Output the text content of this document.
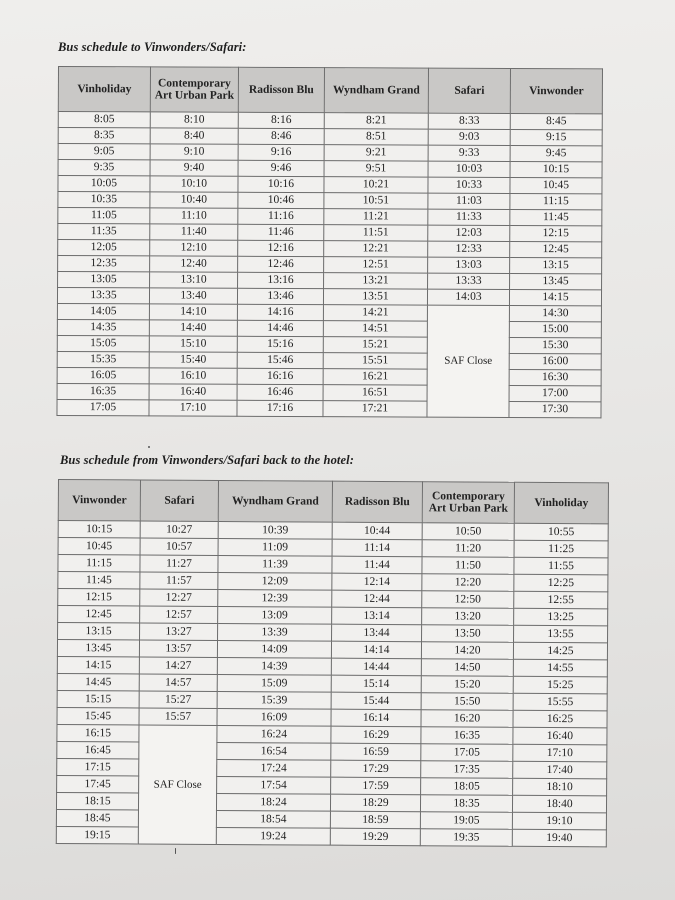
Bus schedule to Vinwonders/Safari:
Vinholiday	Contemporary Art Urban Park	Radisson Blu	Wyndham Grand	Safari	Vinwonder
8:05	8:10	8:16	8:21	8:33	8:45
8:35	8:40	8:46	8:51	9:03	9:15
9:05	9:10	9:16	9:21	9:33	9:45
9:35	9:40	9:46	9:51	10:03	10:15
10:05	10:10	10:16	10:21	10:33	10:45
10:35	10:40	10:46	10:51	11:03	11:15
11:05	11:10	11:16	11:21	11:33	11:45
11:35	11:40	11:46	11:51	12:03	12:15
12:05	12:10	12:16	12:21	12:33	12:45
12:35	12:40	12:46	12:51	13:03	13:15
13:05	13:10	13:16	13:21	13:33	13:45
13:35	13:40	13:46	13:51	14:03	14:15
14:05	14:10	14:16	14:21	SAF Close	14:30
14:35	14:40	14:46	14:51		15:00
15:05	15:10	15:16	15:21		15:30
15:35	15:40	15:46	15:51		16:00
16:05	16:10	16:16	16:21		16:30
16:35	16:40	16:46	16:51		17:00
17:05	17:10	17:16	17:21		17:30
Bus schedule from Vinwonders/Safari back to the hotel:
Vinwonder	Safari	Wyndham Grand	Radisson Blu	Contemporary Art Urban Park	Vinholiday
10:15	10:27	10:39	10:44	10:50	10:55
10:45	10:57	11:09	11:14	11:20	11:25
11:15	11:27	11:39	11:44	11:50	11:55
11:45	11:57	12:09	12:14	12:20	12:25
12:15	12:27	12:39	12:44	12:50	12:55
12:45	12:57	13:09	13:14	13:20	13:25
13:15	13:27	13:39	13:44	13:50	13:55
13:45	13:57	14:09	14:14	14:20	14:25
14:15	14:27	14:39	14:44	14:50	14:55
14:45	14:57	15:09	15:14	15:20	15:25
15:15	15:27	15:39	15:44	15:50	15:55
15:45	15:57	16:09	16:14	16:20	16:25
16:15	SAF Close	16:24	16:29	16:35	16:40
16:45		16:54	16:59	17:05	17:10
17:15		17:24	17:29	17:35	17:40
17:45		17:54	17:59	18:05	18:10
18:15		18:24	18:29	18:35	18:40
18:45		18:54	18:59	19:05	19:10
19:15		19:24	19:29	19:35	19:40
